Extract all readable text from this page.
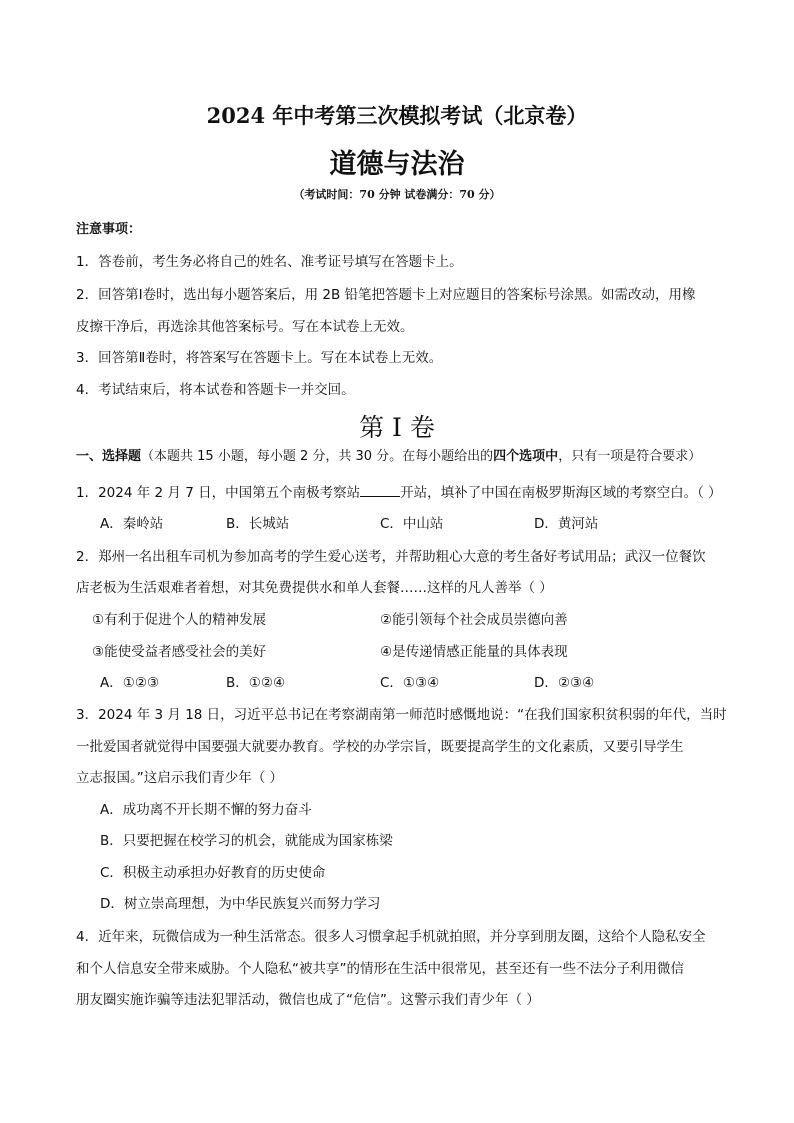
2024 年中考第三次模拟考试（北京卷）
道德与法治
（考试时间：70 分钟 试卷满分：70 分）
注意事项：
1．答卷前，考生务必将自己的姓名、准考证号填写在答题卡上。
2．回答第Ⅰ卷时，选出每小题答案后，用 2B 铅笔把答题卡上对应题目的答案标号涂黑。如需改动，用橡
皮擦干净后，再选涂其他答案标号。写在本试卷上无效。
3．回答第Ⅱ卷时，将答案写在答题卡上。写在本试卷上无效。
4．考试结束后，将本试卷和答题卡一并交回。
第 I 卷
一、选择题（本题共 15 小题，每小题 2 分，共 30 分。在每小题给出的四个选项中，只有一项是符合要求）
1．2024 年 2 月 7 日，中国第五个南极考察站	开站，填补了中国在南极罗斯海区域的考察空白。（ ）
A．秦岭站	B．长城站	C．中山站	D．黄河站
2．郑州一名出租车司机为参加高考的学生爱心送考，并帮助粗心大意的考生备好考试用品；武汉一位餐饮
店老板为生活艰难者着想，对其免费提供水和单人套餐……这样的凡人善举（ ）
①有利于促进个人的精神发展	②能引领每个社会成员崇德向善
③能使受益者感受社会的美好	④是传递情感正能量的具体表现
A．①②③	B．①②④	C．①③④	D．②③④
3．2024 年 3 月 18 日，习近平总书记在考察湖南第一师范时感慨地说：“在我们国家积贫积弱的年代，当时
一批爱国者就觉得中国要强大就要办教育。学校的办学宗旨，既要提高学生的文化素质，又要引导学生
立志报国。”这启示我们青少年（ ）
A．成功离不开长期不懈的努力奋斗
B．只要把握在校学习的机会，就能成为国家栋梁
C．积极主动承担办好教育的历史使命
D．树立崇高理想，为中华民族复兴而努力学习
4．近年来，玩微信成为一种生活常态。很多人习惯拿起手机就拍照，并分享到朋友圈，这给个人隐私安全
和个人信息安全带来威胁。个人隐私“被共享”的情形在生活中很常见，甚至还有一些不法分子利用微信
朋友圈实施诈骗等违法犯罪活动，微信也成了“危信”。这警示我们青少年（ ）
